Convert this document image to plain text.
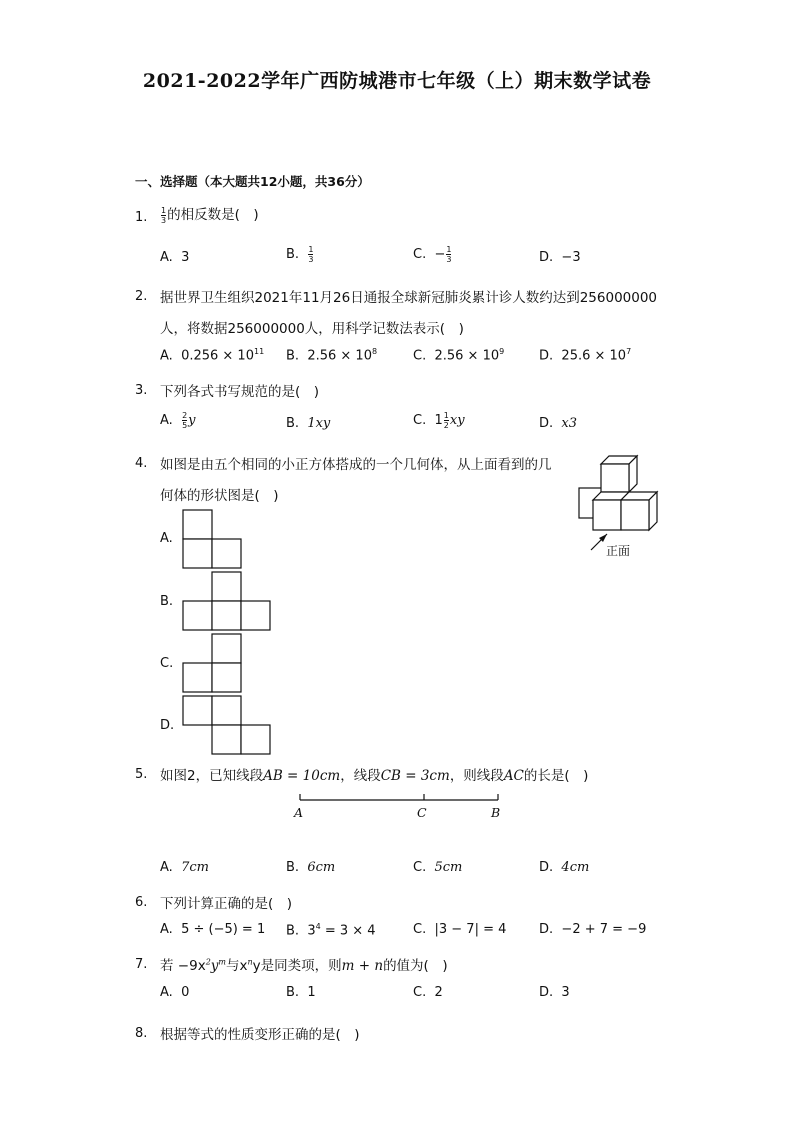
2021-2022学年广西防城港市七年级（上）期末数学试卷
一、选择题（本大题共12小题，共36分）
1. $\frac{1}{3}$ 的相反数是(　)
A. 3	B. $\frac{1}{3}$	C. − $\frac{1}{3}$	D. −3
2. 据世界卫生组织2021年11月26日通报全球新冠肺炎累计诊人数约达到256000000
人，将数据256000000人，用科学记数法表示(　)
A. $0.256 \times 10^{11}$ B. $2.56 \times 10^8$	C. $2.56 \times 10^9$	D. $25.6 \times 10^7$
3. 下列各式书写规范的是(　)
A. $\frac{2}{5}$ y	B. 1xy	C. $1 \frac{1}{2}$ xy	D. x3
4. 如图是由五个相同的小正方体搭成的一个几何体，从上面看到的几
何体的形状图是(　)
正面
A.
B.
C.
D.
5. 如图2，已知线段AB = 10cm，线段CB = 3cm，则线段AC的长是(　)
A	C	B
A. 7cm	B. 6cm	C. 5cm	D. 4cm
6. 下列计算正确的是(　)
A. 5 ÷ (−5) = 1 B. $3^4 = 3 \times 4$	C. |3 − 7| = 4	D. −2 + 7 = −9
7. 若 $-9x^2y^m$与$x^ny$是同类项，则m + n的值为(　)
A. 0	B. 1	C. 2	D. 3
8. 根据等式的性质变形正确的是(　)
